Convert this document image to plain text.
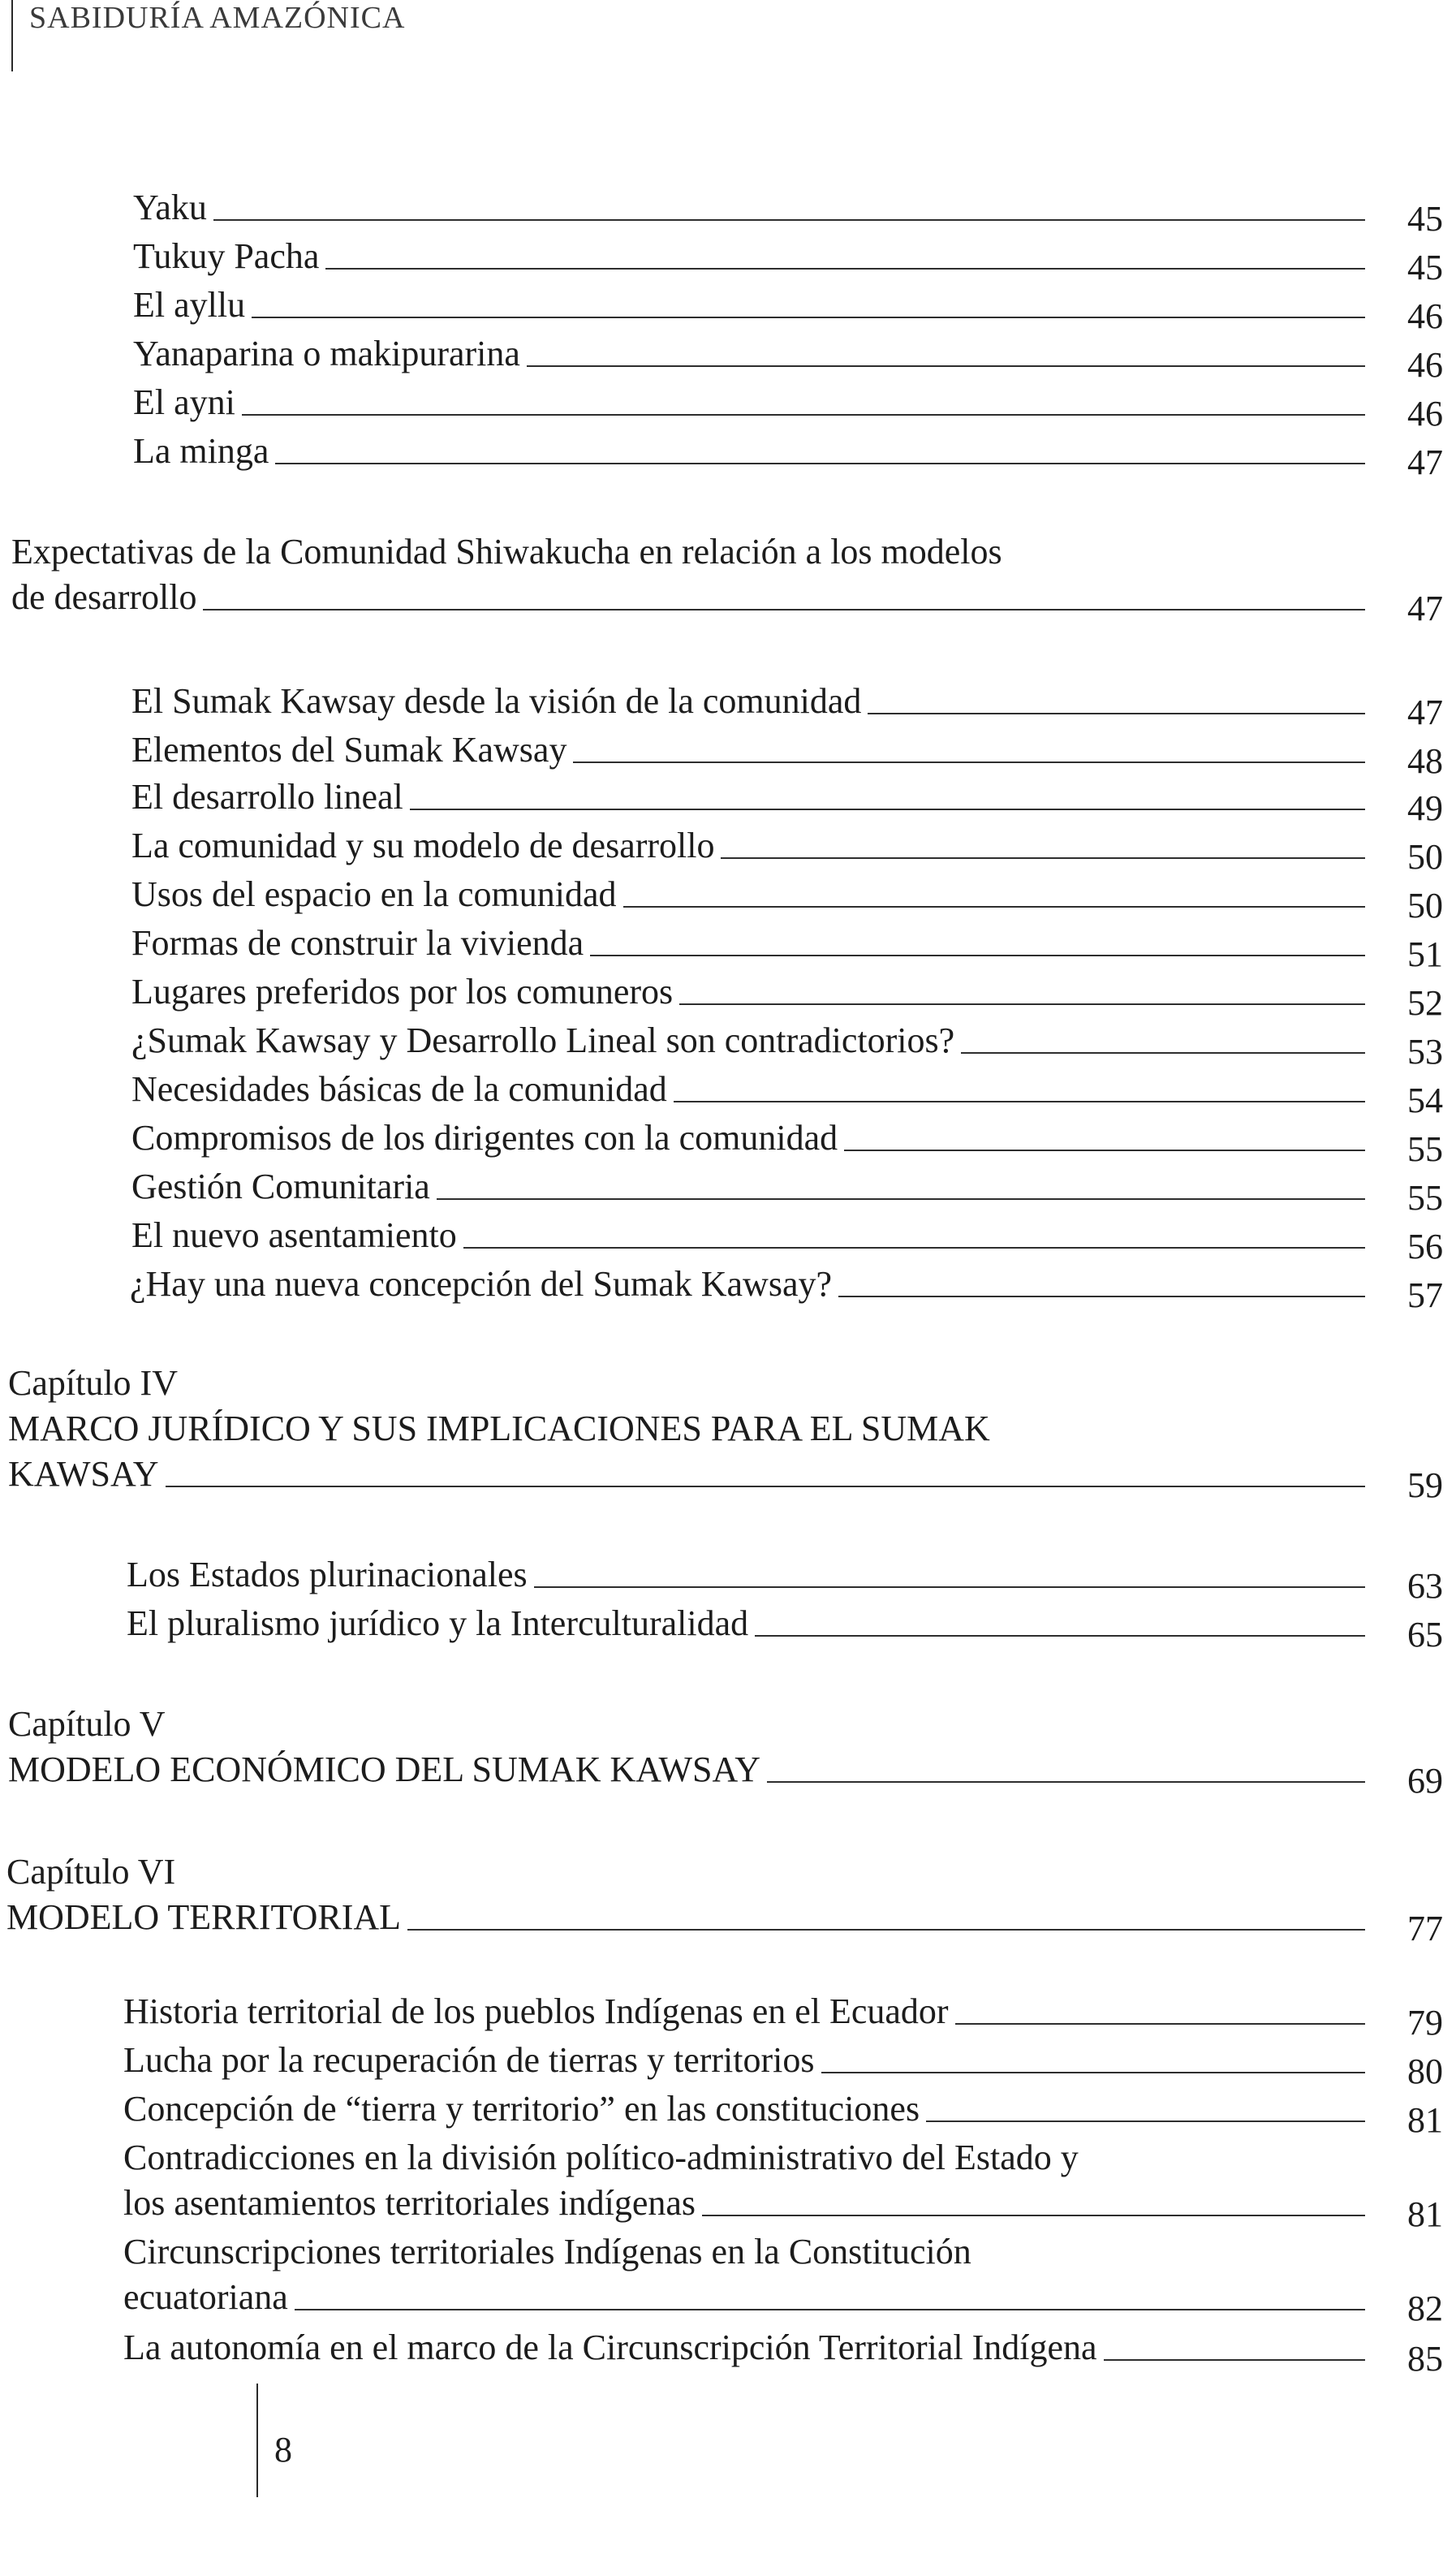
SABIDURÍA AMAZÓNICA
Yaku	45
Tukuy Pacha	45
El ayllu	46
Yanaparina o makipurarina	46
El ayni	46
La minga	47
Expectativas de la Comunidad Shiwakucha en relación a los modelos
de desarrollo	47
El Sumak Kawsay desde la visión de la comunidad	47
Elementos del Sumak Kawsay	48
El desarrollo lineal	49
La comunidad y su modelo de desarrollo	50
Usos del espacio en la comunidad	50
Formas de construir la vivienda	51
Lugares preferidos por los comuneros	52
¿Sumak Kawsay y Desarrollo Lineal son contradictorios?	53
Necesidades básicas de la comunidad	54
Compromisos de los dirigentes con la comunidad	55
Gestión Comunitaria	55
El nuevo asentamiento	56
¿Hay una nueva concepción del Sumak Kawsay?	57
Capítulo IV
MARCO JURÍDICO Y SUS IMPLICACIONES PARA EL SUMAK
KAWSAY	59
Los Estados plurinacionales	63
El pluralismo jurídico y la Interculturalidad	65
Capítulo V
MODELO ECONÓMICO DEL SUMAK KAWSAY	69
Capítulo VI
MODELO TERRITORIAL	77
Historia territorial de los pueblos Indígenas en el Ecuador	79
Lucha por la recuperación de tierras y territorios	80
Concepción de “tierra y territorio” en las constituciones	81
Contradicciones en la división político-administrativo del Estado y
los asentamientos territoriales indígenas	81
Circunscripciones territoriales Indígenas en la Constitución
ecuatoriana	82
La autonomía en el marco de la Circunscripción Territorial Indígena	85
8
